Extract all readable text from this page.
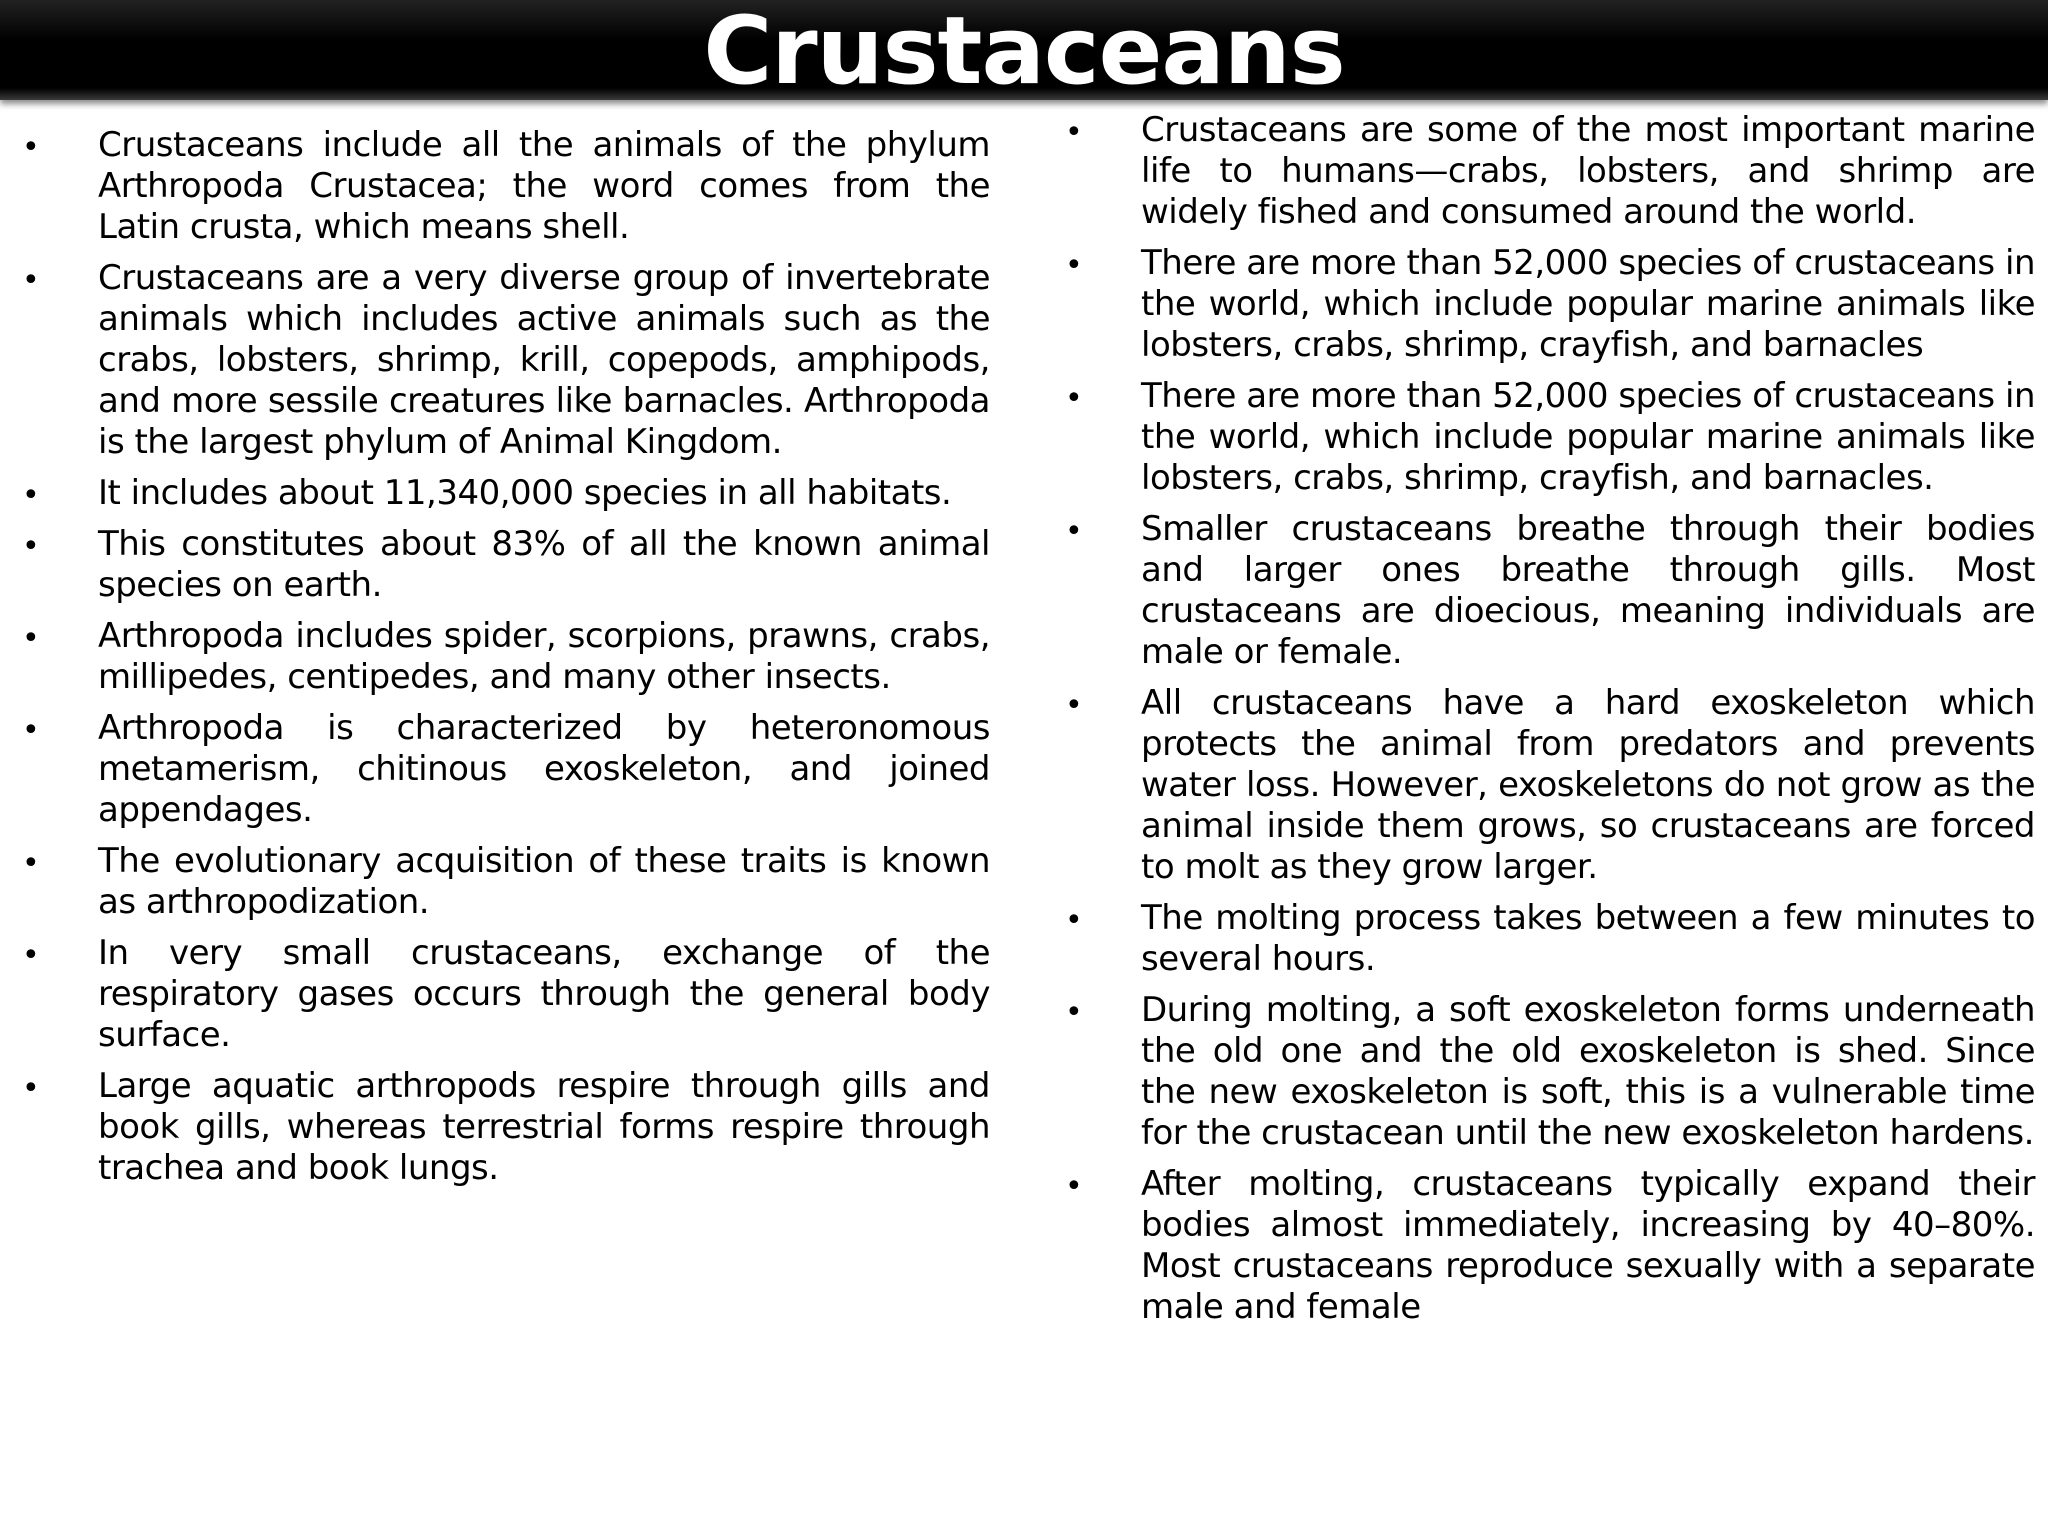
Crustaceans
• Crustaceans include all the animals of the phylum Arthropoda Crustacea; the word comes from the Latin crusta, which means shell.
• Crustaceans are a very diverse group of invertebrate animals which includes active animals such as the crabs, lobsters, shrimp, krill, copepods, amphipods, and more sessile creatures like barnacles. Arthropoda is the largest phylum of Animal Kingdom.
• It includes about 11,340,000 species in all habitats.
• This constitutes about 83% of all the known animal species on earth.
• Arthropoda includes spider, scorpions, prawns, crabs, millipedes, centipedes, and many other insects.
• Arthropoda is characterized by heteronomous metamerism, chitinous exoskeleton, and joined appendages.
• The evolutionary acquisition of these traits is known as arthropodization.
• In very small crustaceans, exchange of the respiratory gases occurs through the general body surface.
• Large aquatic arthropods respire through gills and book gills, whereas terrestrial forms respire through trachea and book lungs.
• Crustaceans are some of the most important marine life to humans—crabs, lobsters, and shrimp are widely fished and consumed around the world.
• There are more than 52,000 species of crustaceans in the world, which include popular marine animals like lobsters, crabs, shrimp, crayfish, and barnacles
• There are more than 52,000 species of crustaceans in the world, which include popular marine animals like lobsters, crabs, shrimp, crayfish, and barnacles.
• Smaller crustaceans breathe through their bodies and larger ones breathe through gills. Most crustaceans are dioecious, meaning individuals are male or female.
• All crustaceans have a hard exoskeleton which protects the animal from predators and prevents water loss. However, exoskeletons do not grow as the animal inside them grows, so crustaceans are forced to molt as they grow larger.
• The molting process takes between a few minutes to several hours.
• During molting, a soft exoskeleton forms underneath the old one and the old exoskeleton is shed. Since the new exoskeleton is soft, this is a vulnerable time for the crustacean until the new exoskeleton hardens.
• After molting, crustaceans typically expand their bodies almost immediately, increasing by 40–80%. Most crustaceans reproduce sexually with a separate male and female
